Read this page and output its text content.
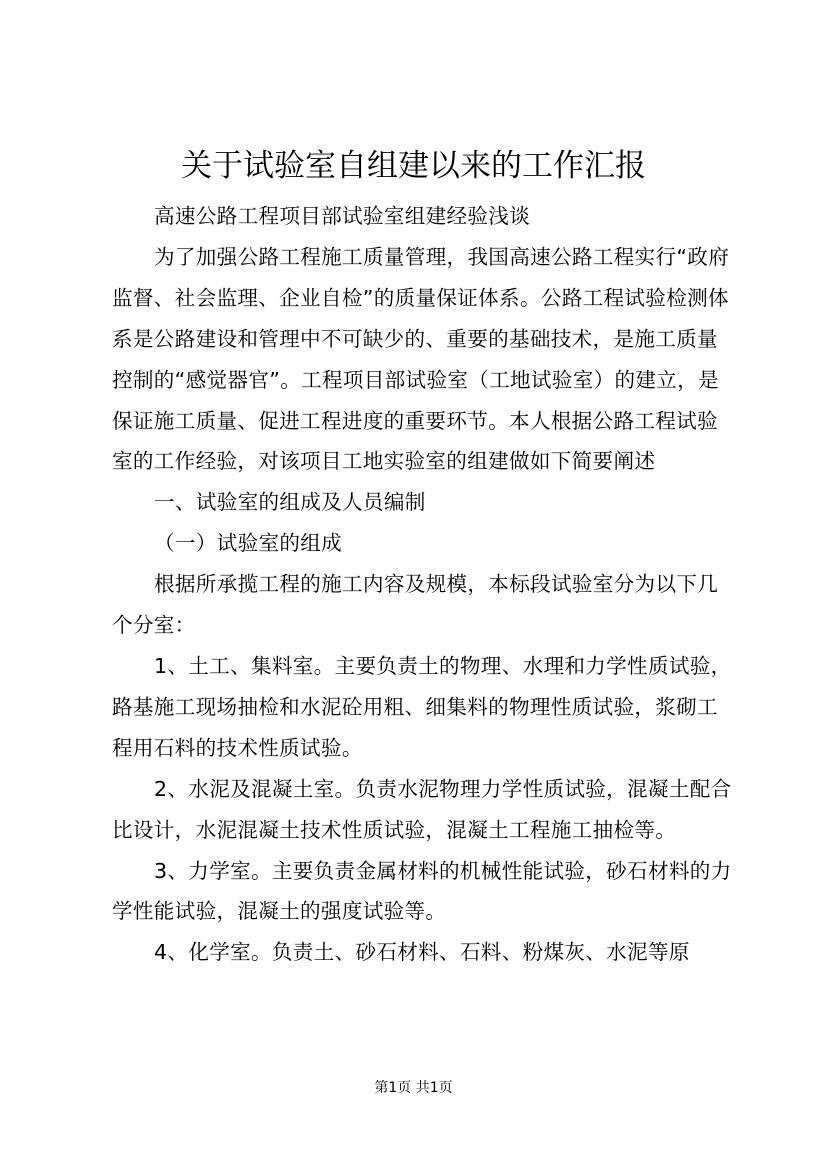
关于试验室自组建以来的工作汇报

高速公路工程项目部试验室组建经验浅谈

为了加强公路工程施工质量管理，我国高速公路工程实行“政府监督、社会监理、企业自检”的质量保证体系。公路工程试验检测体系是公路建设和管理中不可缺少的、重要的基础技术，是施工质量控制的“感觉器官”。工程项目部试验室（工地试验室）的建立，是保证施工质量、促进工程进度的重要环节。本人根据公路工程试验室的工作经验，对该项目工地实验室的组建做如下简要阐述

一、试验室的组成及人员编制

（一）试验室的组成

根据所承揽工程的施工内容及规模，本标段试验室分为以下几个分室：

1、土工、集料室。主要负责土的物理、水理和力学性质试验，路基施工现场抽检和水泥砼用粗、细集料的物理性质试验，浆砌工程用石料的技术性质试验。

2、水泥及混凝土室。负责水泥物理力学性质试验，混凝土配合比设计，水泥混凝土技术性质试验，混凝土工程施工抽检等。

3、力学室。主要负责金属材料的机械性能试验，砂石材料的力学性能试验，混凝土的强度试验等。

4、化学室。负责土、砂石材料、石料、粉煤灰、水泥等原

第1页 共1页
